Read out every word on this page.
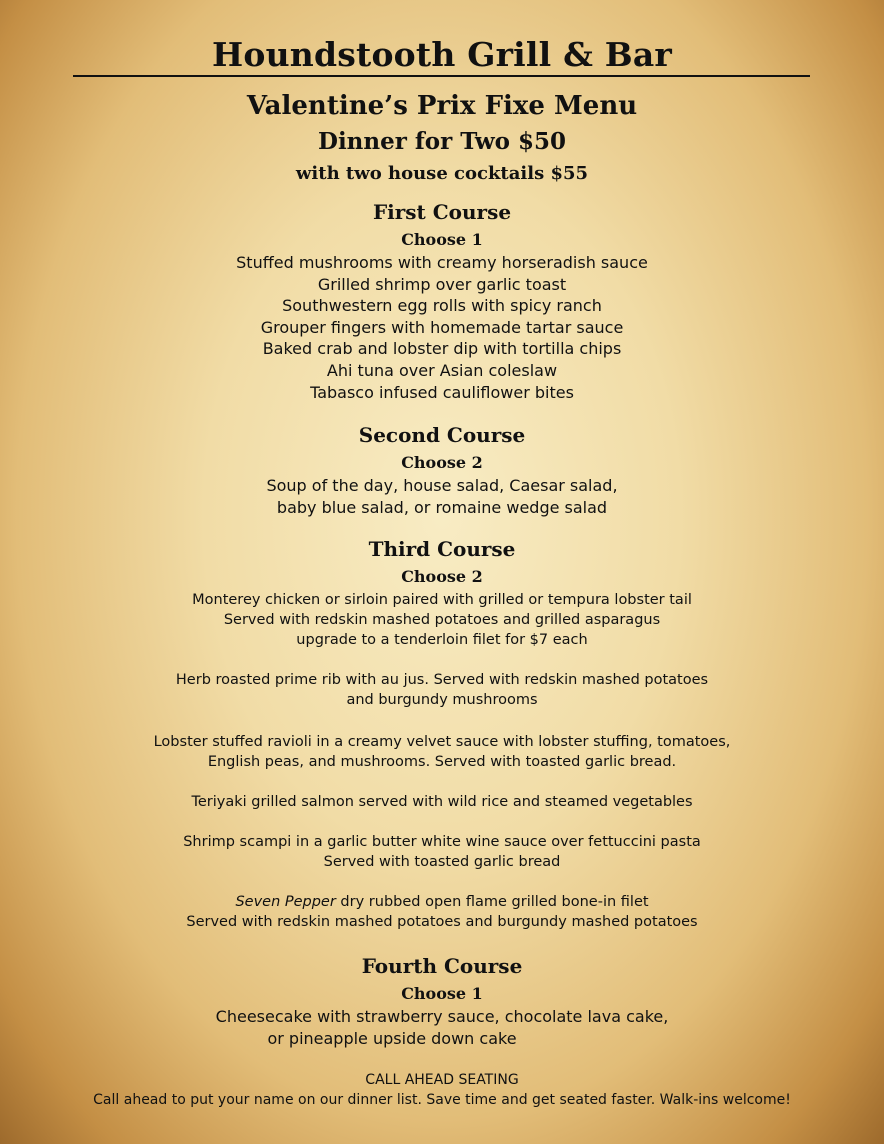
Houndstooth Grill & Bar
Valentine’s Prix Fixe Menu
Dinner for Two $50
with two house cocktails $55
First Course
Choose 1
Stuffed mushrooms with creamy horseradish sauce
Grilled shrimp over garlic toast
Southwestern egg rolls with spicy ranch
Grouper fingers with homemade tartar sauce
Baked crab and lobster dip with tortilla chips
Ahi tuna over Asian coleslaw
Tabasco infused cauliflower bites
Second Course
Choose 2
Soup of the day, house salad, Caesar salad,
baby blue salad, or romaine wedge salad
Third Course
Choose 2
Monterey chicken or sirloin paired with grilled or tempura lobster tail
Served with redskin mashed potatoes and grilled asparagus
upgrade to a tenderloin filet for $7 each
Herb roasted prime rib with au jus. Served with redskin mashed potatoes
and burgundy mushrooms
Lobster stuffed ravioli in a creamy velvet sauce with lobster stuffing, tomatoes,
English peas, and mushrooms. Served with toasted garlic bread.
Teriyaki grilled salmon served with wild rice and steamed vegetables
Shrimp scampi in a garlic butter white wine sauce over fettuccini pasta
Served with toasted garlic bread
Seven Pepper dry rubbed open flame grilled bone-in filet
Served with redskin mashed potatoes and burgundy mashed potatoes
Fourth Course
Choose 1
Cheesecake with strawberry sauce, chocolate lava cake,
or pineapple upside down cake
CALL AHEAD SEATING
Call ahead to put your name on our dinner list. Save time and get seated faster. Walk-ins welcome!
